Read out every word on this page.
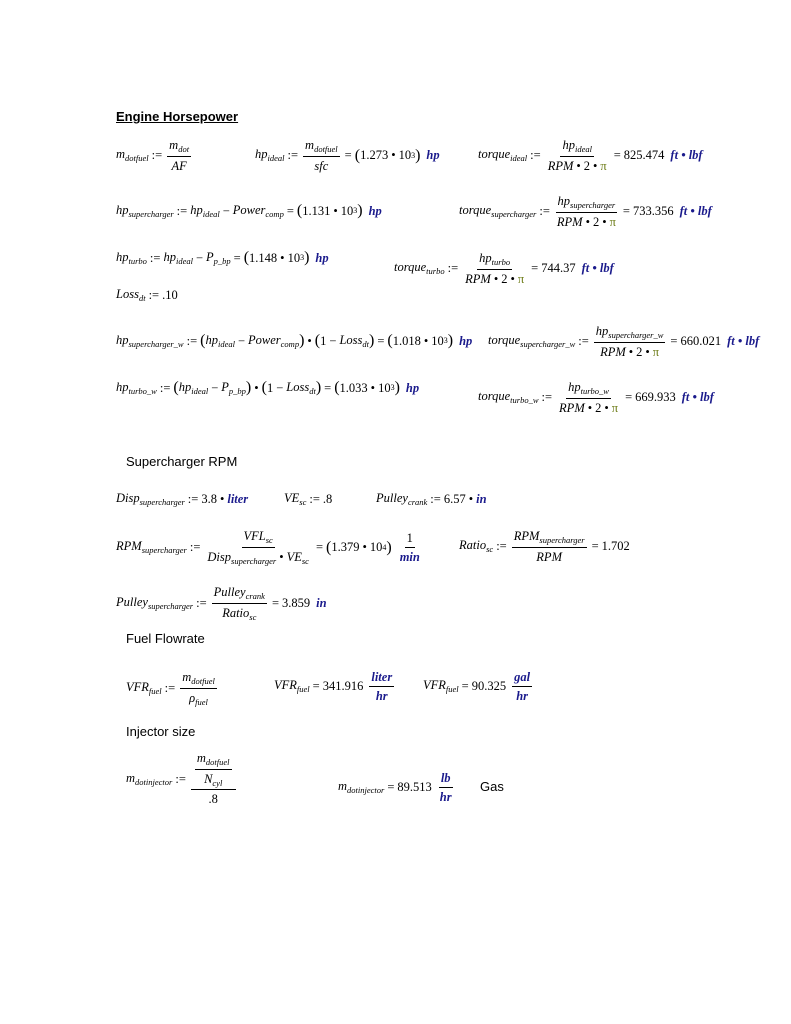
Engine Horsepower
$m_{dotfuel}$ := $\frac{m_{dot}}{AF}$	$hp_{ideal}$ := $\frac{m_{dotfuel}}{\text{sfc}}$ = ( 1.273 • 10 3 ) hp	torque$_{ideal}$ := $\frac{hp_{ideal}}{\text{RPM • 2 • π}} = 825.474$ ft • lbf
$hp_{supercharger}$ := $hp_{ideal}$ − Power$_{comp}$ = ( 1.131 • 10 3 ) hp	torque$_{supercharger}$ := $\frac{hp_{supercharger}}{\text{RPM • 2 • π}} = 733.356$ ft • lbf
$hp_{turbo}$ := $hp_{ideal} - P_{p\_bp}$ = ( 1.148 • 10 3 ) hp
torque$_{turbo}$ := $\frac{hp_{turbo}}{\text{RPM • 2 • π}} = 744.37$ ft • lbf
Loss$_{dt}$ := .10
$hp_{supercharger\_w}$ := ( $hp_{ideal}$ − Power$_{comp}$ ) • ( 1 − Loss$_{dt}$ ) = ( 1.018 • 10 3 ) hp torque$_{supercharger\_w}$ := $\frac{hp_{supercharger\_w}}{\text{RPM • 2 • π}} = 660.021$ ft • lbf
$hp_{turbo\_w}$ := ( $hp_{ideal} - P_{p\_bp}$ ) • ( 1 − Loss$_{dt}$ ) = ( 1.033 • 10 3 ) hp
torque$_{turbo\_w}$ := $\frac{hp_{turbo\_w}}{\text{RPM • 2 • π}} = 669.933$ ft • lbf
Supercharger RPM
Disp$_{supercharger}$ := 3.8 • liter	$VE_{sc}$ := .8	Pulley$_{crank}$ := 6.57 • in
$RPM_{supercharger}$ := $\frac{VFL_{sc}}{Disp_{supercharger} • VE_{sc}}$ = ( 1.379 • 10 4 ) $\frac{1}{\min}$	Ratio$_{sc}$ := $\frac{RPM_{supercharger}}{\text{RPM}} = 1.702$
Pulley$_{supercharger}$ := $\frac{Pulley_{crank}}{Ratio_{sc}} = 3.859$ in
Fuel Flowrate
$VFR_{fuel}$ := $\frac{m_{dotfuel}}{\rho_{fuel}}$	$VFR_{fuel} = 341.916 \frac{\text{liter}}{hr} VFR_{fuel} = 90.325 \frac{\text{gal}}{hr}$
Injector size
$m_{dotinjector}$ := $\frac{\frac{m_{dotfuel}}{N_{cyl}}}{.8}$	$m_{dotinjector} = 89.513 \frac{lb}{hr}$ Gas
